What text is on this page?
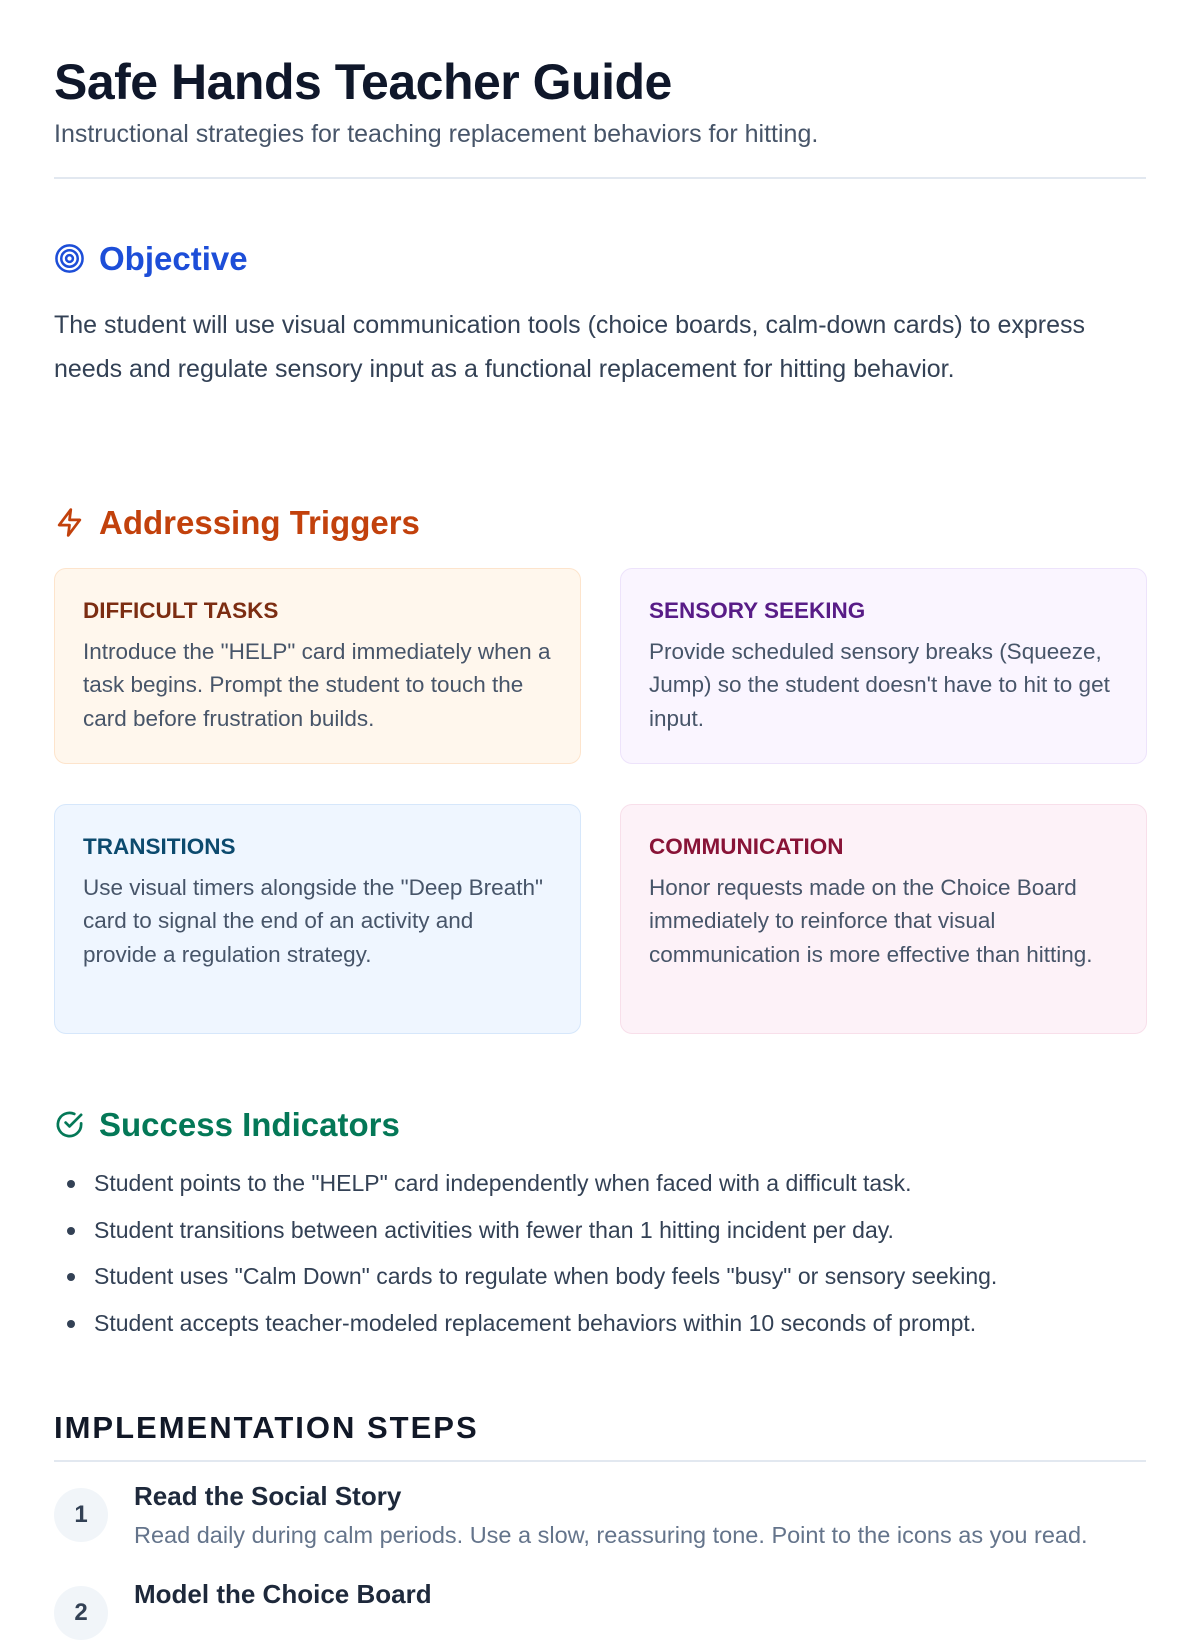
Safe Hands Teacher Guide

Instructional strategies for teaching replacement behaviors for hitting.

Objective

The student will use visual communication tools (choice boards, calm-down cards) to express needs and regulate sensory input as a functional replacement for hitting behavior.

Addressing Triggers
DIFFICULT TASKS

Introduce the "HELP" card immediately when a task begins. Prompt the student to touch the card before frustration builds.

SENSORY SEEKING

Provide scheduled sensory breaks (Squeeze, Jump) so the student doesn't have to hit to get input.

TRANSITIONS

Use visual timers alongside the "Deep Breath" card to signal the end of an activity and provide a regulation strategy.

COMMUNICATION

Honor requests made on the Choice Board immediately to reinforce that visual communication is more effective than hitting.

Success Indicators
Student points to the "HELP" card independently when faced with a difficult task.
Student transitions between activities with fewer than 1 hitting incident per day.
Student uses "Calm Down" cards to regulate when body feels "busy" or sensory seeking.
Student accepts teacher-modeled replacement behaviors within 10 seconds of prompt.
IMPLEMENTATION STEPS
1
Read the Social Story

Read daily during calm periods. Use a slow, reassuring tone. Point to the icons as you read.

2
Model the Choice Board
